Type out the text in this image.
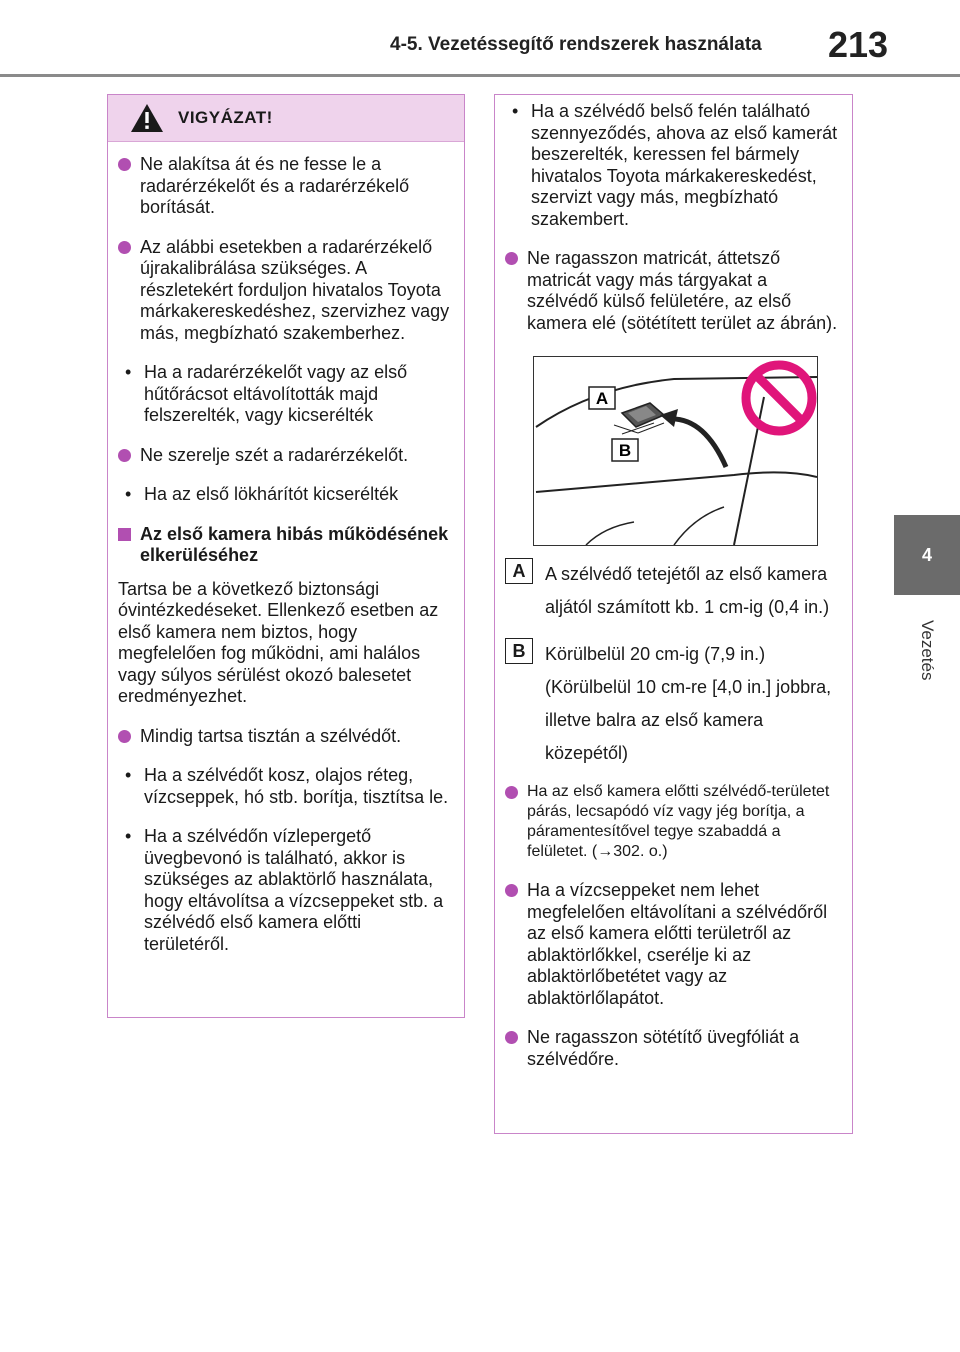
4-5. Vezetéssegítő rendszerek használata 213
4
Vezetés
VIGYÁZAT!

Ne alakítsa át és ne fesse le a radarérzékelőt és a radarérzékelő borítását.

Az alábbi esetekben a radarérzékelő újrakalibrálása szükséges. A részletekért forduljon hivatalos Toyota márkakereskedéshez, szervizhez vagy más, megbízható szakemberhez.

• Ha a radarérzékelőt vagy az első hűtőrácsot eltávolították majd felszerelték, vagy kicserélték

Ne szerelje szét a radarérzékelőt.

• Ha az első lökhárítót kicserélték

Az első kamera hibás működésének elkerüléséhez

Tartsa be a következő biztonsági óvintézkedéseket. Ellenkező esetben az első kamera nem biztos, hogy megfelelően fog működni, ami halálos vagy súlyos sérülést okozó balesetet eredményezhet.

Mindig tartsa tisztán a szélvédőt.

• Ha a szélvédőt kosz, olajos réteg, vízcseppek, hó stb. borítja, tisztítsa le.

• Ha a szélvédőn vízlepergető üvegbevonó is található, akkor is szükséges az ablaktörlő használata, hogy eltávolítsa a vízcseppeket stb. a szélvédő első kamera előtti területéről.

• Ha a szélvédő belső felén található szennyeződés, ahova az első kamerát beszerelték, keressen fel bármely hivatalos Toyota márkakereskedést, szervizt vagy más, megbízható szakembert.

Ne ragasszon matricát, áttetsző matricát vagy más tárgyakat a szélvédő külső felületére, az első kamera elé (sötétített terület az ábrán).

A
B
A	A szélvédő tetejétől az első kamera aljától számított kb. 1 cm-ig (0,4 in.)
B	Körülbelül 20 cm-ig (7,9 in.) (Körülbelül 10 cm-re [4,0 in.] jobbra, illetve balra az első kamera közepétől)

Ha az első kamera előtti szélvédő-területet párás, lecsapódó víz vagy jég borítja, a páramentesítővel tegye szabaddá a felületet. (→302. o.)

Ha a vízcseppeket nem lehet megfelelően eltávolítani a szélvédőről az első kamera előtti területről az ablaktörlőkkel, cserélje ki az ablaktörlőbetétet vagy az ablaktörlőlapátot.

Ne ragasszon sötétítő üvegfóliát a szélvédőre.
